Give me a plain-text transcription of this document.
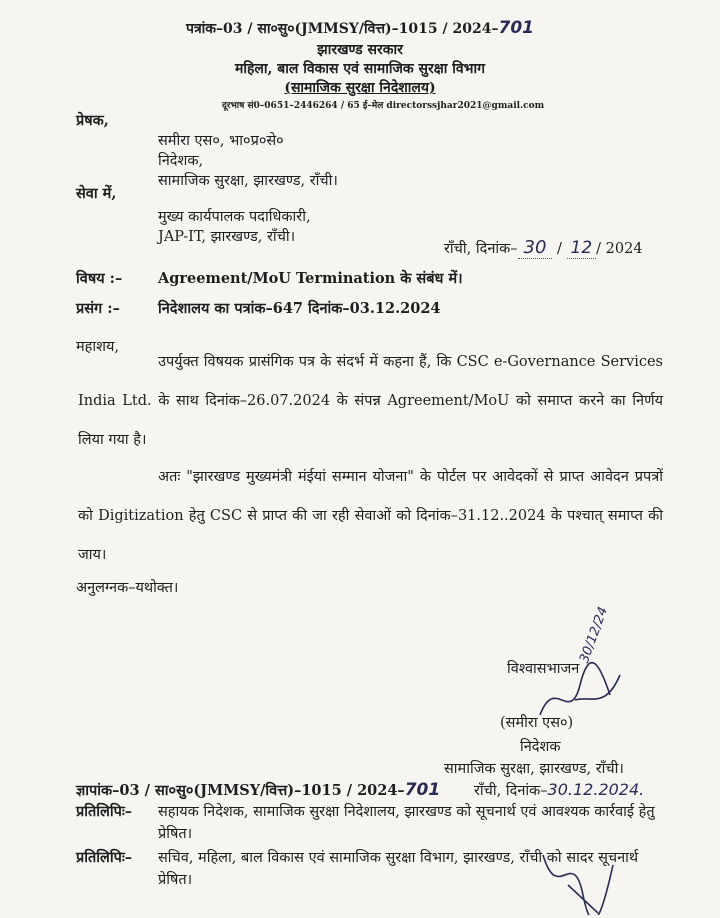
पत्रांक–03 / सा०सु०(JMMSY/वित्त)–1015 / 2024–701
झारखण्ड सरकार
महिला, बाल विकास एवं सामाजिक सुरक्षा विभाग
(सामाजिक सुरक्षा निदेशालय)
दूरभाष सं0–0651–2446264 / 65 ई–मेल directorssjhar2021@gmail.com
प्रेषक,
समीरा एस०, भा०प्र०से०
निदेशक,
सामाजिक सुरक्षा, झारखण्ड, राँची।
सेवा में,
मुख्य कार्यपालक पदाधिकारी,
JAP-IT, झारखण्ड, राँची।
राँची, दिनांक– 30 / 12 / 2024
विषय :– Agreement/MoU Termination के संबंध में।
प्रसंग :–	निदेशालय का पत्रांक–647 दिनांक–03.12.2024
महाशय,
उपर्युक्त विषयक प्रासंगिक पत्र के संदर्भ में कहना हैं, कि CSC e-Governance Services India Ltd. के साथ दिनांक–26.07.2024 के संपन्न Agreement/MoU को समाप्त करने का निर्णय लिया गया है।
अतः "झारखण्ड मुख्यमंत्री मंईयां सम्मान योजना" के पोर्टल पर आवेदकों से प्राप्त आवेदन प्रपत्रों को Digitization हेतु CSC से प्राप्त की जा रही सेवाओं को दिनांक–31.12..2024 के पश्चात् समाप्त की जाय।
अनुलग्नक–यथोक्त।
विश्वासभाजन
30/12/24
(समीरा एस०)
निदेशक
सामाजिक सुरक्षा, झारखण्ड, राँची।
ज्ञापांक–03 / सा०सु०(JMMSY/वित्त)–1015 / 2024–701 राँची, दिनांक–30.12.2024.
प्रतिलिपिः– सहायक निदेशक, सामाजिक सुरक्षा निदेशालय, झारखण्ड को सूचनार्थ एवं आवश्यक कार्रवाई हेतु प्रेषित।
प्रतिलिपिः– सचिव, महिला, बाल विकास एवं सामाजिक सुरक्षा विभाग, झारखण्ड, राँची को सादर सूचनार्थ प्रेषित।
